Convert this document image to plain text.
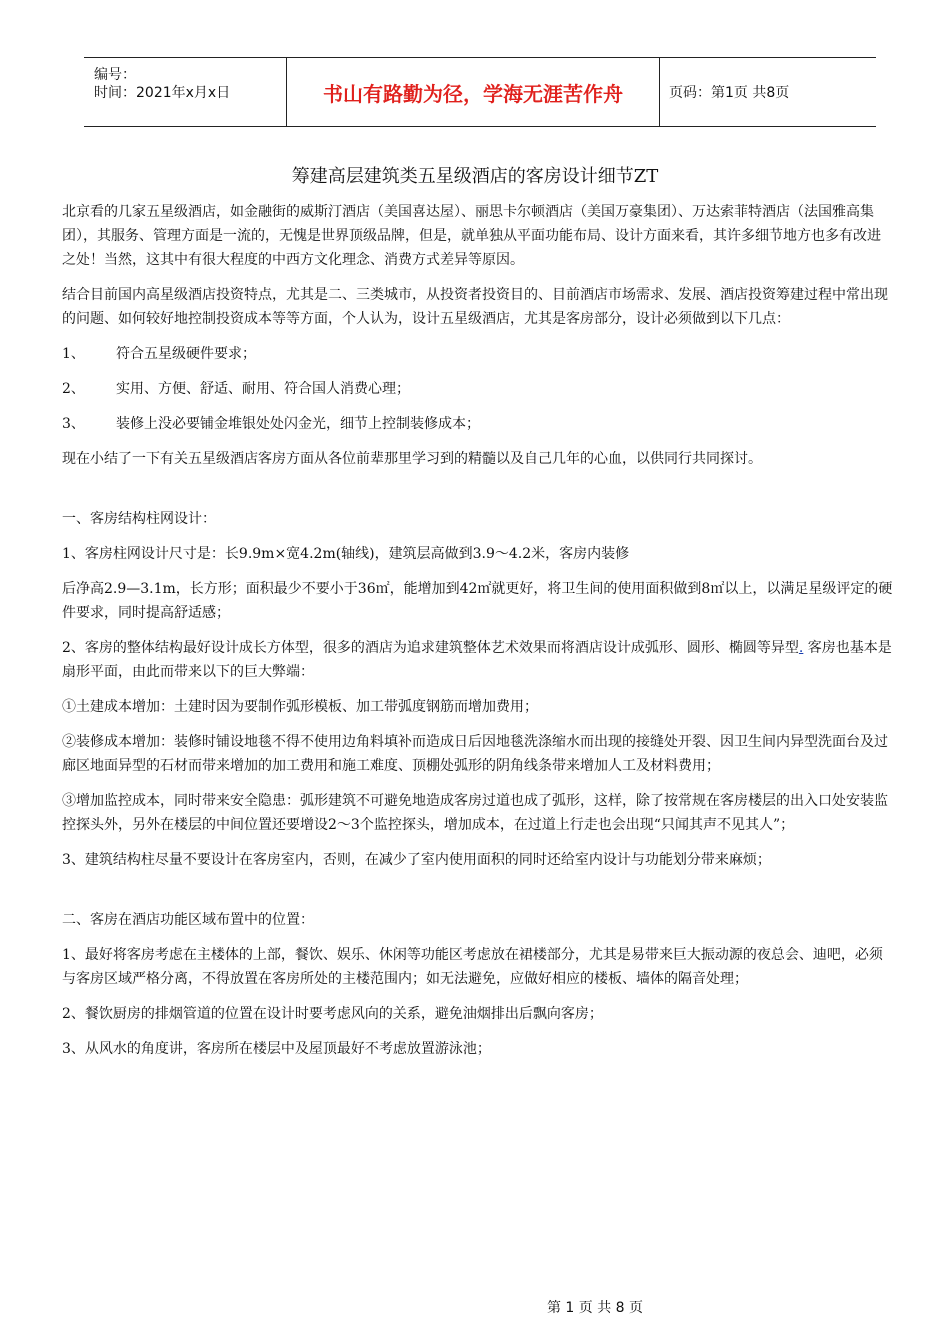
编号：
时间：2021年x月x日	书山有路勤为径，学海无涯苦作舟	页码：第1页 共8页
筹建高层建筑类五星级酒店的客房设计细节ZT

北京看的几家五星级酒店，如金融街的威斯汀酒店（美国喜达屋）、丽思卡尔顿酒店（美国万豪集团）、万达索菲特酒店（法国雅高集团），其服务、管理方面是一流的，无愧是世界顶级品牌，但是，就单独从平面功能布局、设计方面来看，其许多细节地方也多有改进之处！当然，这其中有很大程度的中西方文化理念、消费方式差异等原因。

结合目前国内高星级酒店投资特点，尤其是二、三类城市，从投资者投资目的、目前酒店市场需求、发展、酒店投资筹建过程中常出现的问题、如何较好地控制投资成本等等方面，个人认为，设计五星级酒店，尤其是客房部分，设计必须做到以下几点：

1、	符合五星级硬件要求；
2、	实用、方便、舒适、耐用、符合国人消费心理；
3、	装修上没必要铺金堆银处处闪金光，细节上控制装修成本；

现在小结了一下有关五星级酒店客房方面从各位前辈那里学习到的精髓以及自己几年的心血，以供同行共同探讨。

一、客房结构柱网设计：

1、客房柱网设计尺寸是：长9.9m×宽4.2m(轴线)，建筑层高做到3.9～4.2米，客房内装修

后净高2.9—3.1m，长方形；面积最少不要小于36㎡，能增加到42㎡就更好，将卫生间的使用面积做到8㎡以上，以满足星级评定的硬件要求，同时提高舒适感；

2、客房的整体结构最好设计成长方体型，很多的酒店为追求建筑整体艺术效果而将酒店设计成弧形、圆形、椭圆等异型. 客房也基本是扇形平面，由此而带来以下的巨大弊端：

①土建成本增加：土建时因为要制作弧形模板、加工带弧度钢筋而增加费用；

②装修成本增加：装修时铺设地毯不得不使用边角料填补而造成日后因地毯洗涤缩水而出现的接缝处开裂、因卫生间内异型洗面台及过廊区地面异型的石材而带来增加的加工费用和施工难度、顶棚处弧形的阴角线条带来增加人工及材料费用；

③增加监控成本，同时带来安全隐患：弧形建筑不可避免地造成客房过道也成了弧形，这样，除了按常规在客房楼层的出入口处安装监控探头外，另外在楼层的中间位置还要增设2～3个监控探头，增加成本，在过道上行走也会出现“只闻其声不见其人”；

3、建筑结构柱尽量不要设计在客房室内，否则，在减少了室内使用面积的同时还给室内设计与功能划分带来麻烦；

二、客房在酒店功能区域布置中的位置：

1、最好将客房考虑在主楼体的上部，餐饮、娱乐、休闲等功能区考虑放在裙楼部分，尤其是易带来巨大振动源的夜总会、迪吧，必须与客房区域严格分离，不得放置在客房所处的主楼范围内；如无法避免，应做好相应的楼板、墙体的隔音处理；

2、餐饮厨房的排烟管道的位置在设计时要考虑风向的关系，避免油烟排出后飘向客房；

3、从风水的角度讲，客房所在楼层中及屋顶最好不考虑放置游泳池；

第 1 页 共 8 页
